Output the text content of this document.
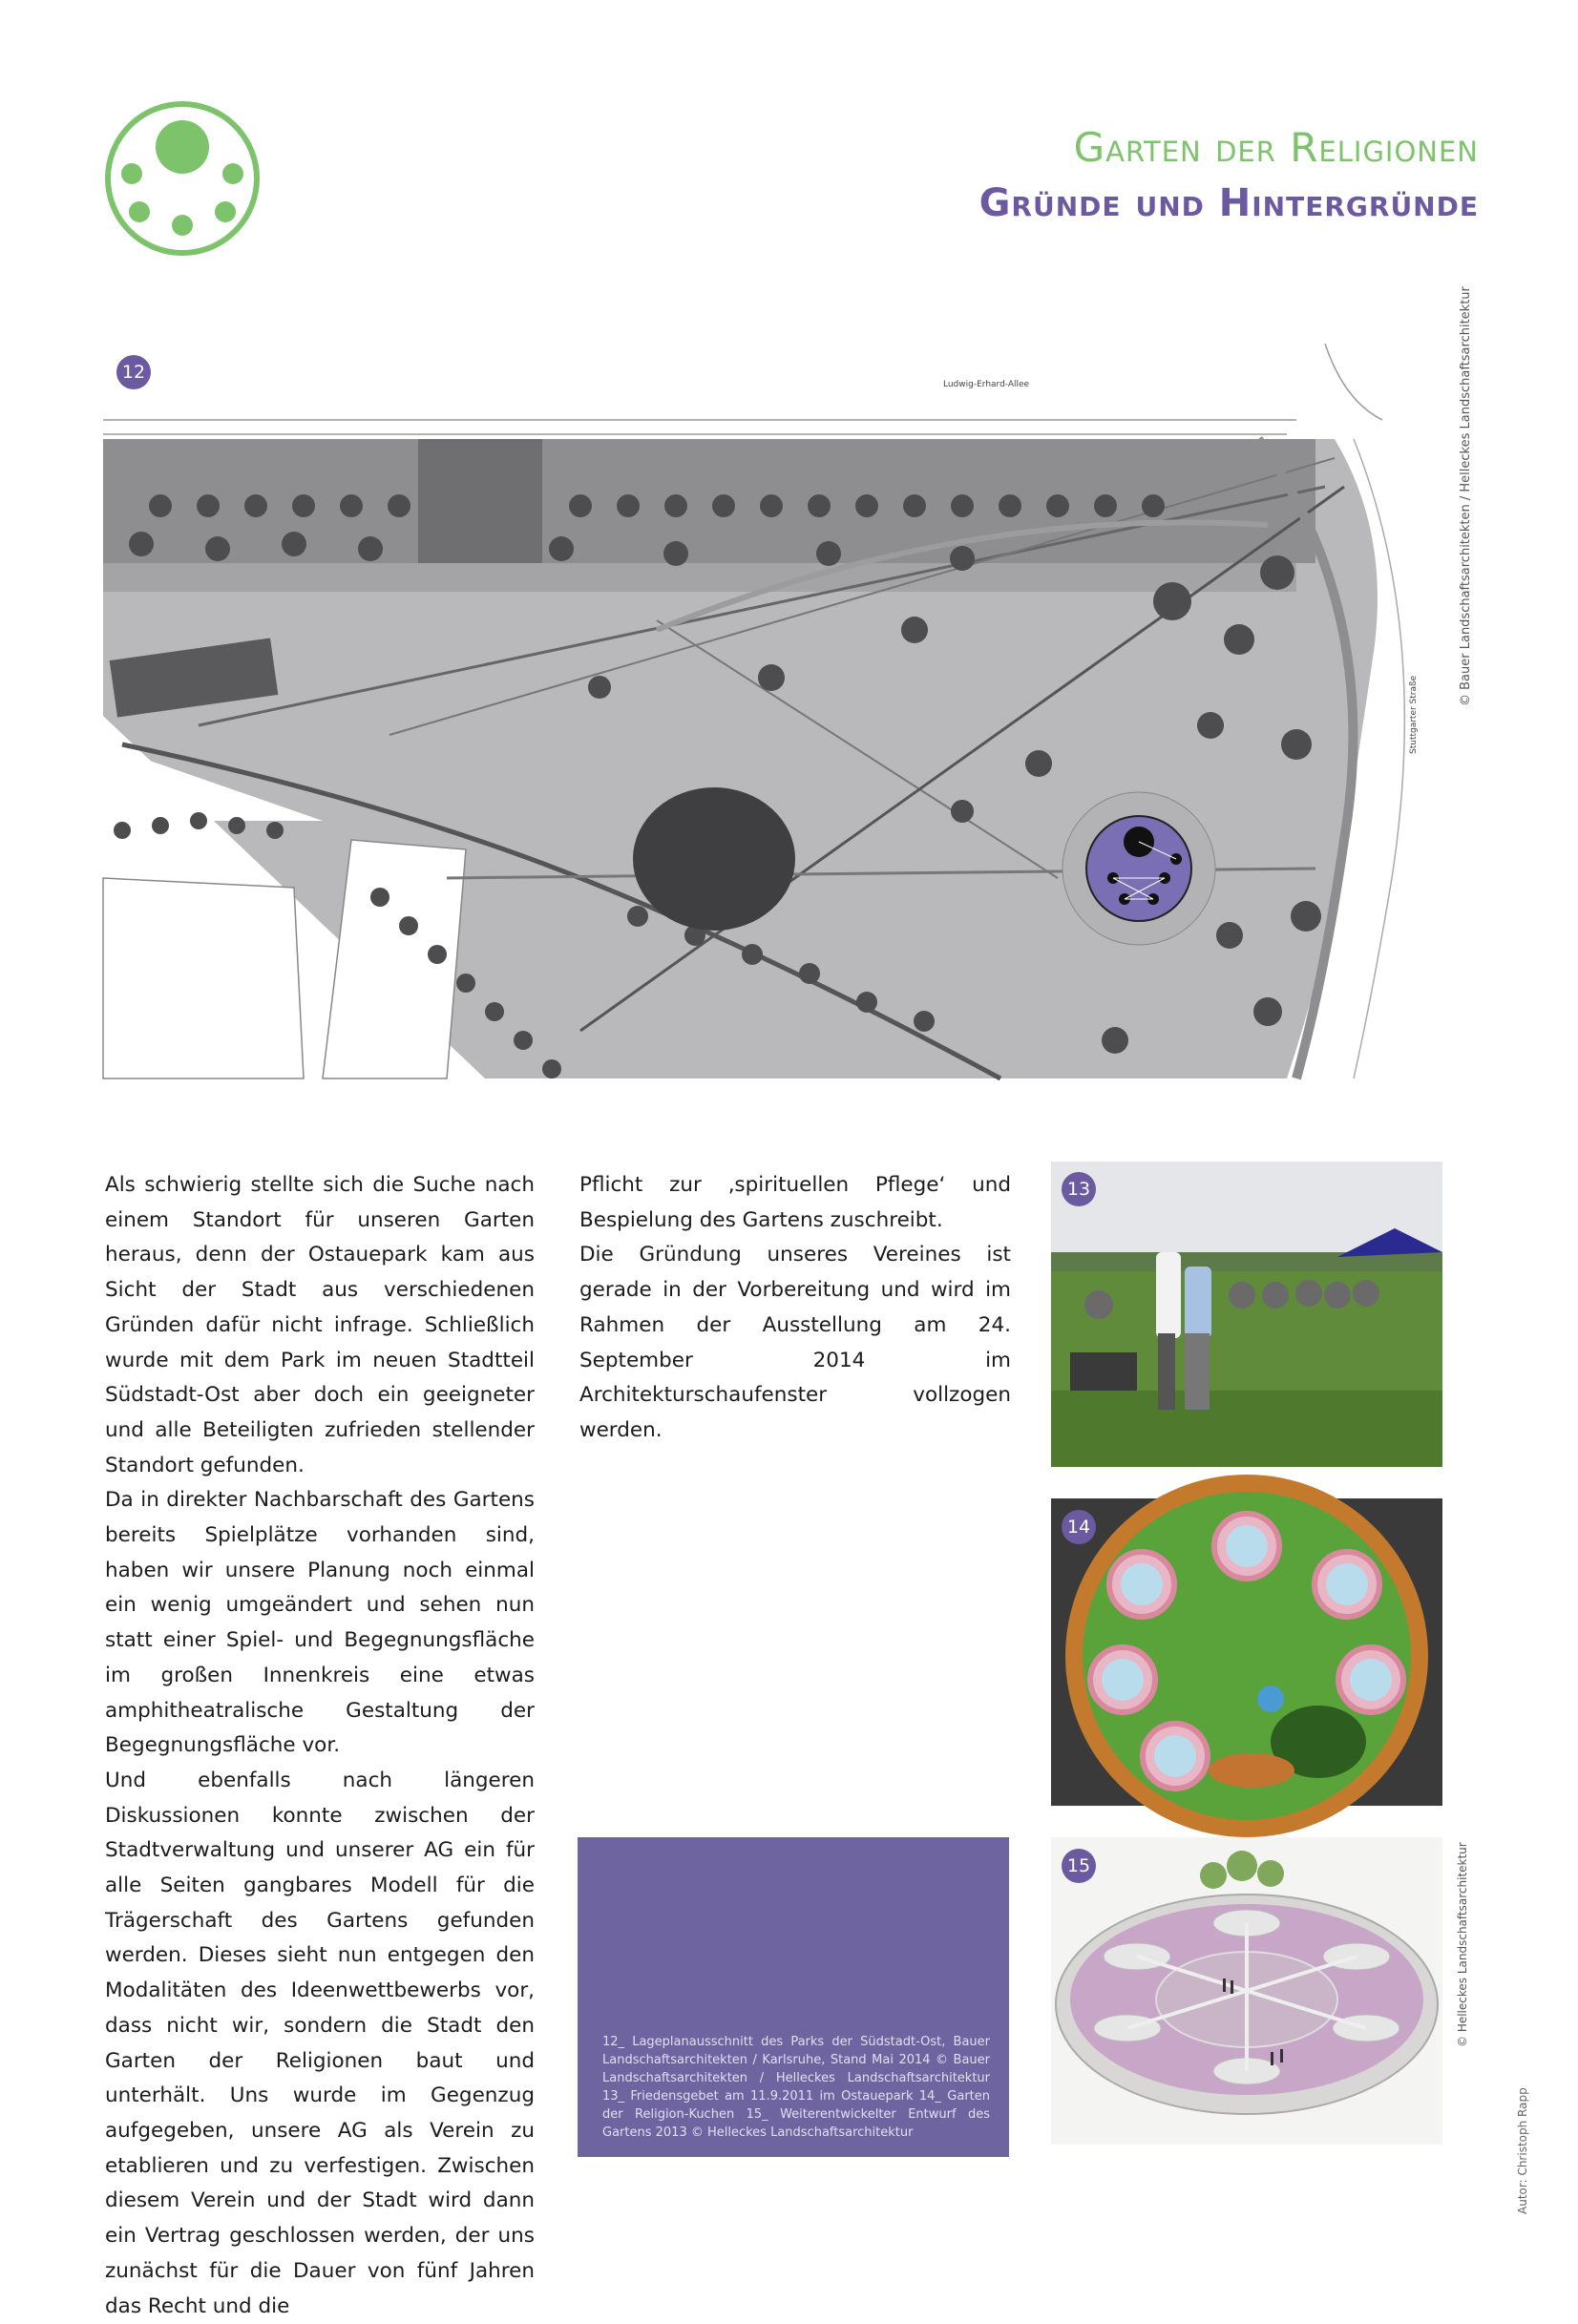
Garten der Religionen
Gründe und Hintergründe
12
Ludwig-Erhard-Allee
Stuttgarter Straße
© Bauer Landschaftsarchitekten / Helleckes Landschaftsarchitektur

Als schwierig stellte sich die Suche nach einem Standort für unseren Garten heraus, denn der Ostauepark kam aus Sicht der Stadt aus verschiedenen Gründen dafür nicht infrage. Schließlich wurde mit dem Park im neuen Stadtteil Südstadt-Ost aber doch ein geeigneter und alle Beteiligten zufrieden stellender Standort gefunden.

Da in direkter Nachbarschaft des Gartens bereits Spielplätze vorhanden sind, haben wir unsere Planung noch einmal ein wenig umgeändert und sehen nun statt einer Spiel- und Begegnungsfläche im großen Innenkreis eine etwas amphitheatralische Gestaltung der Begegnungsfläche vor.

Und ebenfalls nach längeren Diskussionen konnte zwischen der Stadtverwaltung und unserer AG ein für alle Seiten gangbares Modell für die Trägerschaft des Gartens gefunden werden. Dieses sieht nun entgegen den Modalitäten des Ideenwettbewerbs vor, dass nicht wir, sondern die Stadt den Garten der Religionen baut und unterhält. Uns wurde im Gegenzug aufgegeben, unsere AG als Verein zu etablieren und zu verfestigen. Zwischen diesem Verein und der Stadt wird dann ein Vertrag geschlossen werden, der uns zunächst für die Dauer von fünf Jahren das Recht und die

Pflicht zur ‚spirituellen Pflege‘ und Bespielung des Gartens zuschreibt.

Die Gründung unseres Vereines ist gerade in der Vorbereitung und wird im Rahmen der Ausstellung am 24. September 2014 im Architekturschaufenster vollzogen werden.

12_ Lageplanausschnitt des Parks der Südstadt-Ost, Bauer Landschaftsarchitekten / Karlsruhe, Stand Mai 2014 © Bauer Landschaftsarchitekten / Helleckes Landschaftsarchitektur 13_ Friedensgebet am 11.9.2011 im Ostauepark 14_ Garten der Religion-Kuchen 15_ Weiterentwickelter Entwurf des Gartens 2013 © Helleckes Landschaftsarchitektur
13
14
15	© Helleckes Landschaftsarchitektur
Autor: Christoph Rapp
